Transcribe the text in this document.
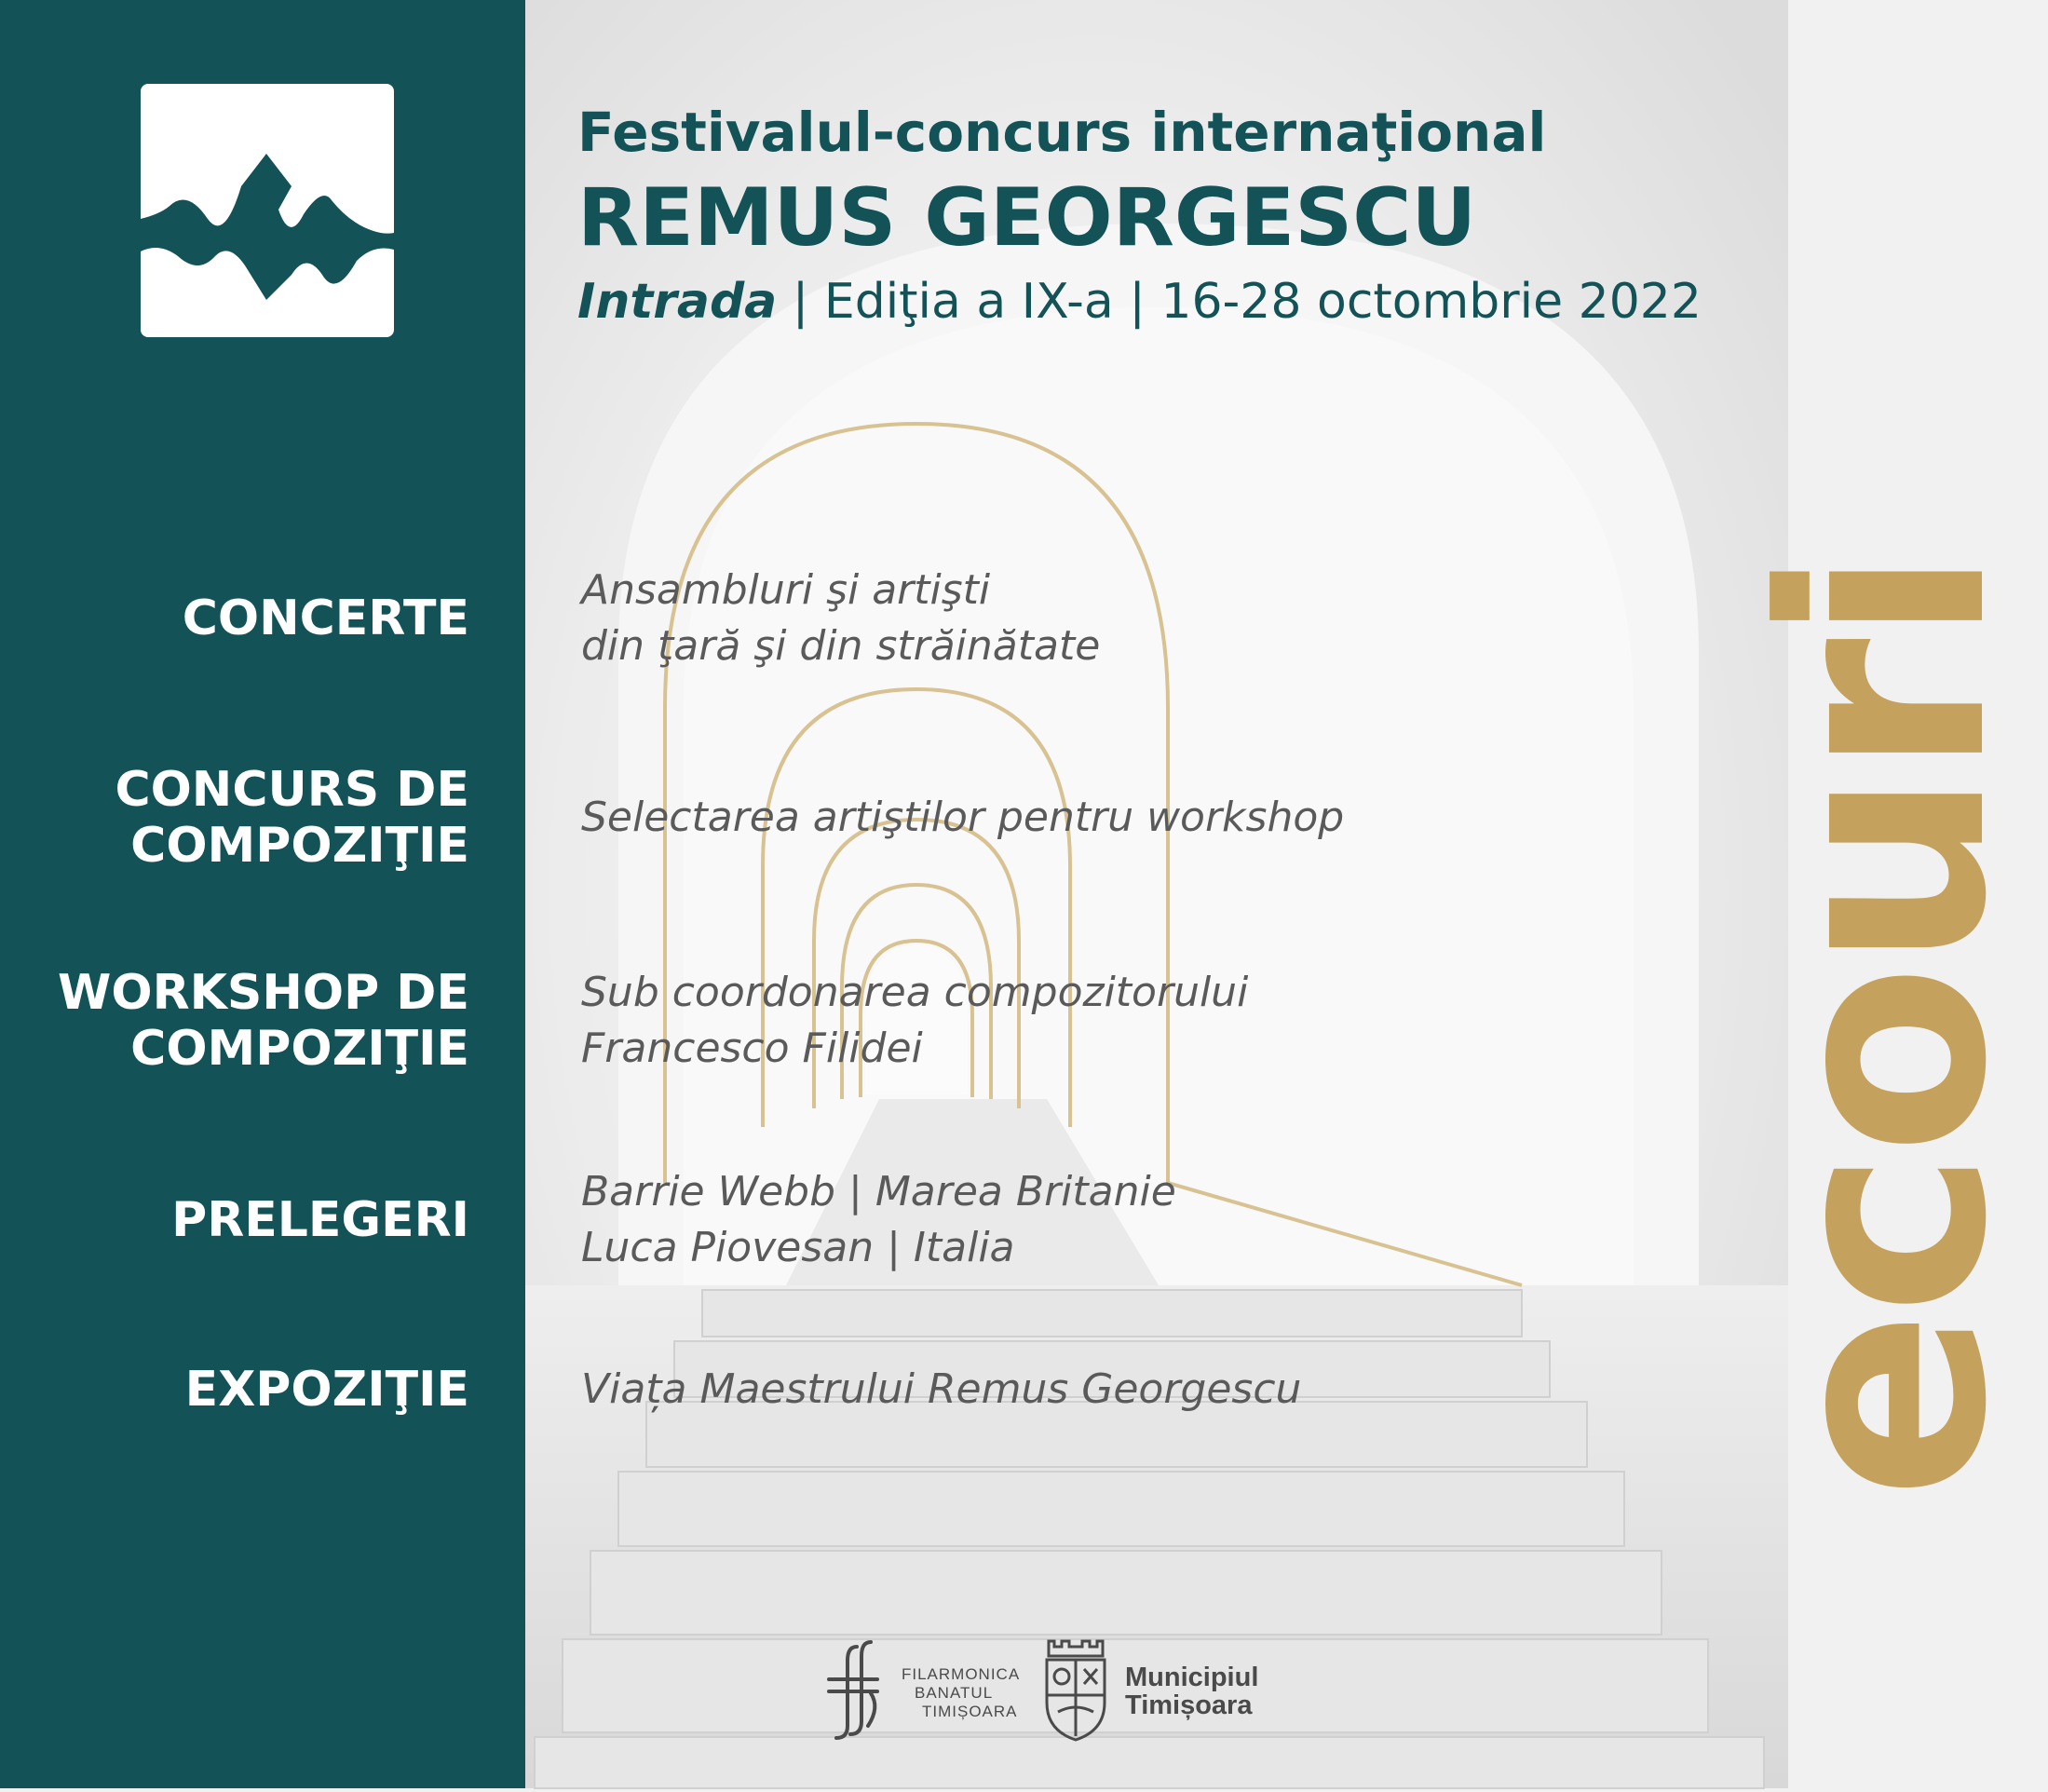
Festivalul-concurs internaţional
REMUS GEORGESCU
Intrada | Ediţia a IX-a | 16-28 octombrie 2022
ecouri
CONCERTE
Ansambluri şi artişti
din ţară şi din străinătate
CONCURS DE
COMPOZIŢIE
Selectarea artiştilor pentru workshop
WORKSHOP DE
COMPOZIŢIE
Sub coordonarea compozitorului
Francesco Filidei
PRELEGERI
Barrie Webb | Marea Britanie
Luca Piovesan | Italia
EXPOZIŢIE	Viața Maestrului Remus Georgescu
FILARMONICA
BANATUL
TIMIȘOARA
Municipiul
Timișoara
